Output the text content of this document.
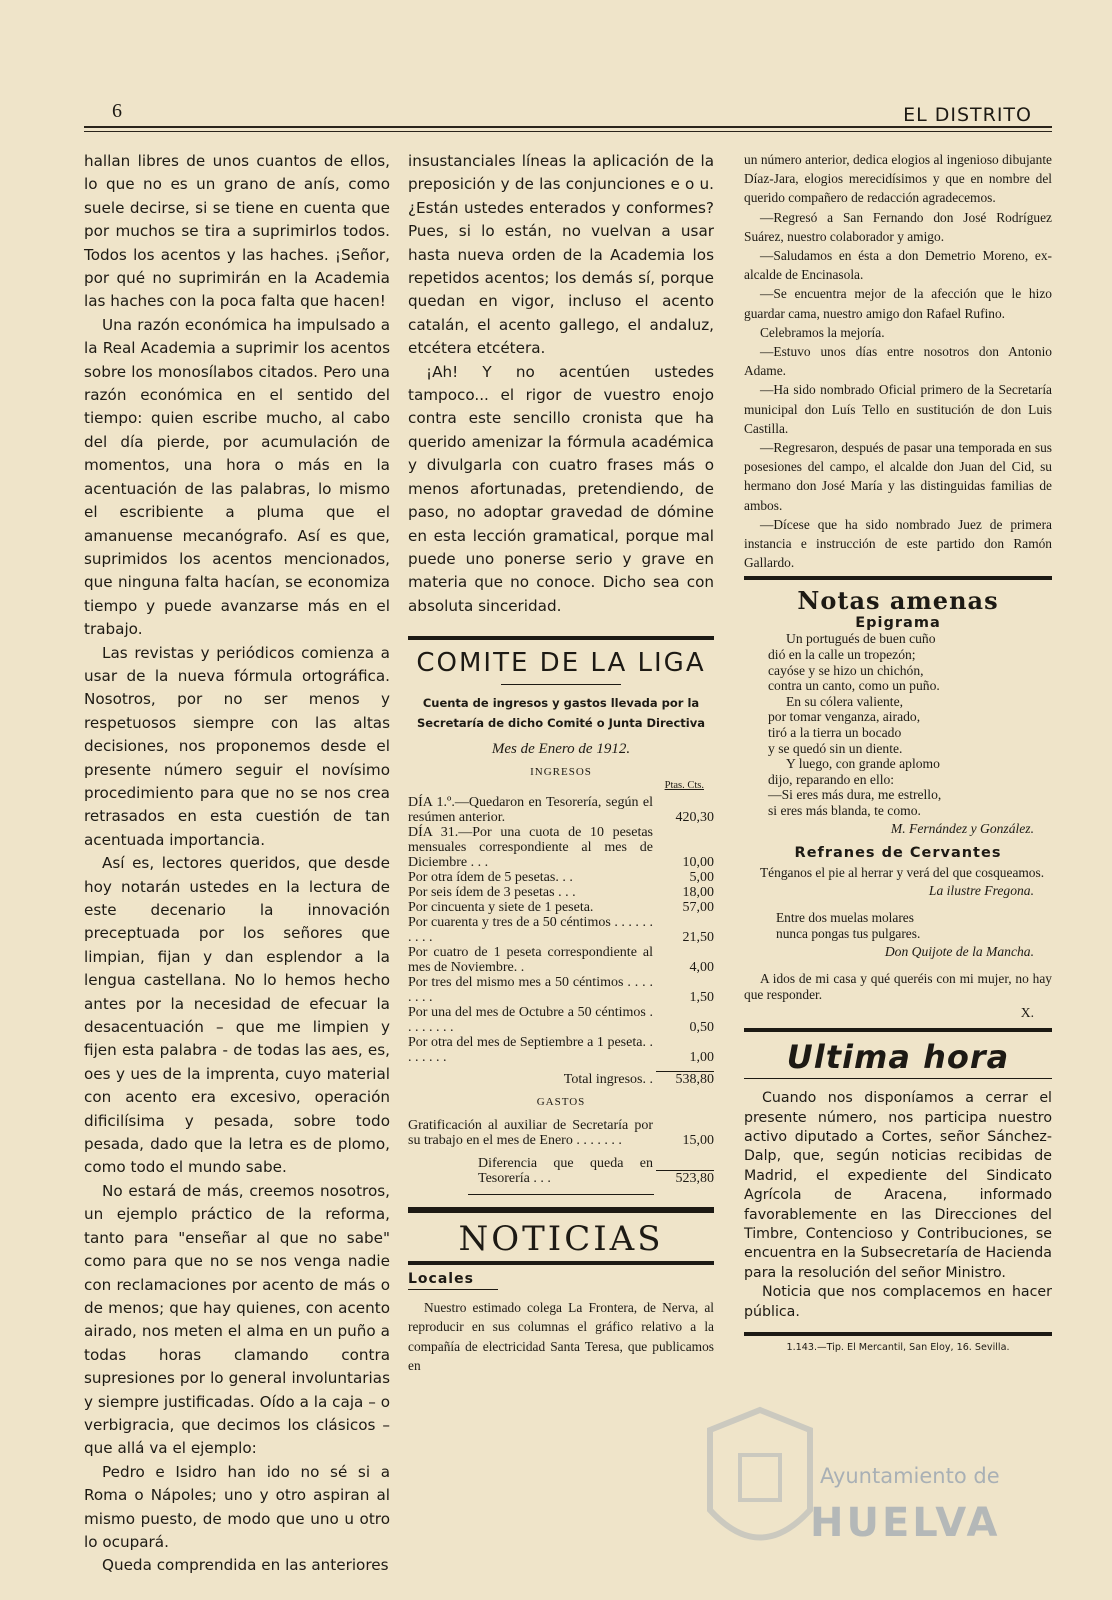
6	EL DISTRITO

hallan libres de unos cuantos de ellos, lo que no es un grano de anís, como suele decirse, si se tiene en cuenta que por muchos se tira a suprimirlos todos. Todos los acentos y las haches. ¡Señor, por qué no suprimirán en la Academia las haches con la poca falta que hacen!

Una razón económica ha impulsado a la Real Academia a suprimir los acentos sobre los monosílabos citados. Pero una razón económica en el sentido del tiempo: quien escribe mucho, al cabo del día pierde, por acumulación de momentos, una hora o más en la acentuación de las palabras, lo mismo el escribiente a pluma que el amanuense mecanógrafo. Así es que, suprimidos los acentos mencionados, que ninguna falta hacían, se economiza tiempo y puede avanzarse más en el trabajo.

Las revistas y periódicos comienza a usar de la nueva fórmula ortográfica. Nosotros, por no ser menos y respetuosos siempre con las altas decisiones, nos proponemos desde el presente número seguir el novísimo procedimiento para que no se nos crea retrasados en esta cuestión de tan acentuada importancia.

Así es, lectores queridos, que desde hoy notarán ustedes en la lectura de este decenario la innovación preceptuada por los señores que limpian, fijan y dan esplendor a la lengua castellana. No lo hemos hecho antes por la necesidad de efecuar la desacentuación – que me limpien y fijen esta palabra - de todas las aes, es, oes y ues de la imprenta, cuyo material con acento era excesivo, operación dificilísima y pesada, sobre todo pesada, dado que la letra es de plomo, como todo el mundo sabe.

No estará de más, creemos nosotros, un ejemplo práctico de la reforma, tanto para "enseñar al que no sabe" como para que no se nos venga nadie con reclamaciones por acento de más o de menos; que hay quienes, con acento airado, nos meten el alma en un puño a todas horas clamando contra supresiones por lo general involuntarias y siempre justificadas. Oído a la caja – o verbigracia, que decimos los clásicos – que allá va el ejemplo:

Pedro e Isidro han ido no sé si a Roma o Nápoles; uno y otro aspiran al mismo puesto, de modo que uno u otro lo ocupará.

Queda comprendida en las anteriores

insustanciales líneas la aplicación de la preposición y de las conjunciones e o u. ¿Están ustedes enterados y conformes? Pues, si lo están, no vuelvan a usar hasta nueva orden de la Academia los repetidos acentos; los demás sí, porque quedan en vigor, incluso el acento catalán, el acento gallego, el andaluz, etcétera etcétera.

¡Ah! Y no acentúen ustedes tampoco... el rigor de vuestro enojo contra este sencillo cronista que ha querido amenizar la fórmula académica y divulgarla con cuatro frases más o menos afortunadas, pretendiendo, de paso, no adoptar gravedad de dómine en esta lección gramatical, porque mal puede uno ponerse serio y grave en materia que no conoce. Dicho sea con absoluta sinceridad.

COMITE DE LA LIGA
Cuenta de ingresos y gastos llevada por la
Secretaría de dicho Comité o Junta Directiva
Mes de Enero de 1912.
INGRESOS
Ptas. Cts.
DÍA 1.º.—Quedaron en Tesorería, según el resúmen anterior.	420,30
DÍA 31.—Por una cuota de 10 pesetas mensuales correspondiente al mes de Diciembre . . .	10,00
Por otra ídem de 5 pesetas. . .	5,00
Por seis ídem de 3 pesetas . . .	18,00
Por cincuenta y siete de 1 peseta.	57,00
Por cuarenta y tres de a 50 céntimos . . . . . . . . . .	21,50
Por cuatro de 1 peseta correspondiente al mes de Noviembre. .	4,00
Por tres del mismo mes a 50 céntimos . . . . . . . .	1,50
Por una del mes de Octubre a 50 céntimos . . . . . . . .	0,50
Por otra del mes de Septiembre a 1 peseta. . . . . . . .	1,00
Total ingresos. .	538,80
GASTOS
Gratificación al auxiliar de Secretaría por su trabajo en el mes de Enero . . . . . . .	15,00
Diferencia que queda en Tesorería . . .	523,80
NOTICIAS
Locales

Nuestro estimado colega La Frontera, de Nerva, al reproducir en sus columnas el gráfico relativo a la compañía de electricidad Santa Teresa, que publicamos en

un número anterior, dedica elogios al ingenioso dibujante Díaz-Jara, elogios merecidísimos y que en nombre del querido compañero de redacción agradecemos.

—Regresó a San Fernando don José Rodríguez Suárez, nuestro colaborador y amigo.

—Saludamos en ésta a don Demetrio Moreno, ex-alcalde de Encinasola.

—Se encuentra mejor de la afección que le hizo guardar cama, nuestro amigo don Rafael Rufino.

Celebramos la mejoría.

—Estuvo unos días entre nosotros don Antonio Adame.

—Ha sido nombrado Oficial primero de la Secretaría municipal don Luís Tello en sustitución de don Luis Castilla.

—Regresaron, después de pasar una temporada en sus posesiones del campo, el alcalde don Juan del Cid, su hermano don José María y las distinguidas familias de ambos.

—Dícese que ha sido nombrado Juez de primera instancia e instrucción de este partido don Ramón Gallardo.

Notas amenas
Epigrama
Un portugués de buen cuño
dió en la calle un tropezón;
cayóse y se hizo un chichón,
contra un canto, como un puño.
En su cólera valiente,
por tomar venganza, airado,
tiró a la tierra un bocado
y se quedó sin un diente.
Y luego, con grande aplomo
dijo, reparando en ello:
—Si eres más dura, me estrello,
si eres más blanda, te como.
M. Fernández y González.
Refranes de Cervantes

Ténganos el pie al herrar y verá del que cosqueamos.

La ilustre Fregona.
Entre dos muelas molares
nunca pongas tus pulgares.
Don Quijote de la Mancha.

A idos de mi casa y qué queréis con mi mujer, no hay que responder.

X.
Ultima hora

Cuando nos disponíamos a cerrar el presente número, nos participa nuestro activo diputado a Cortes, señor Sánchez-Dalp, que, según noticias recibidas de Madrid, el expediente del Sindicato Agrícola de Aracena, informado favorablemente en las Direcciones del Timbre, Contencioso y Contribuciones, se encuentra en la Subsecretaría de Hacienda para la resolución del señor Ministro.

Noticia que nos complacemos en hacer pública.

1.143.—Tip. El Mercantil, San Eloy, 16. Sevilla.
Ayuntamiento de
HUELVA
